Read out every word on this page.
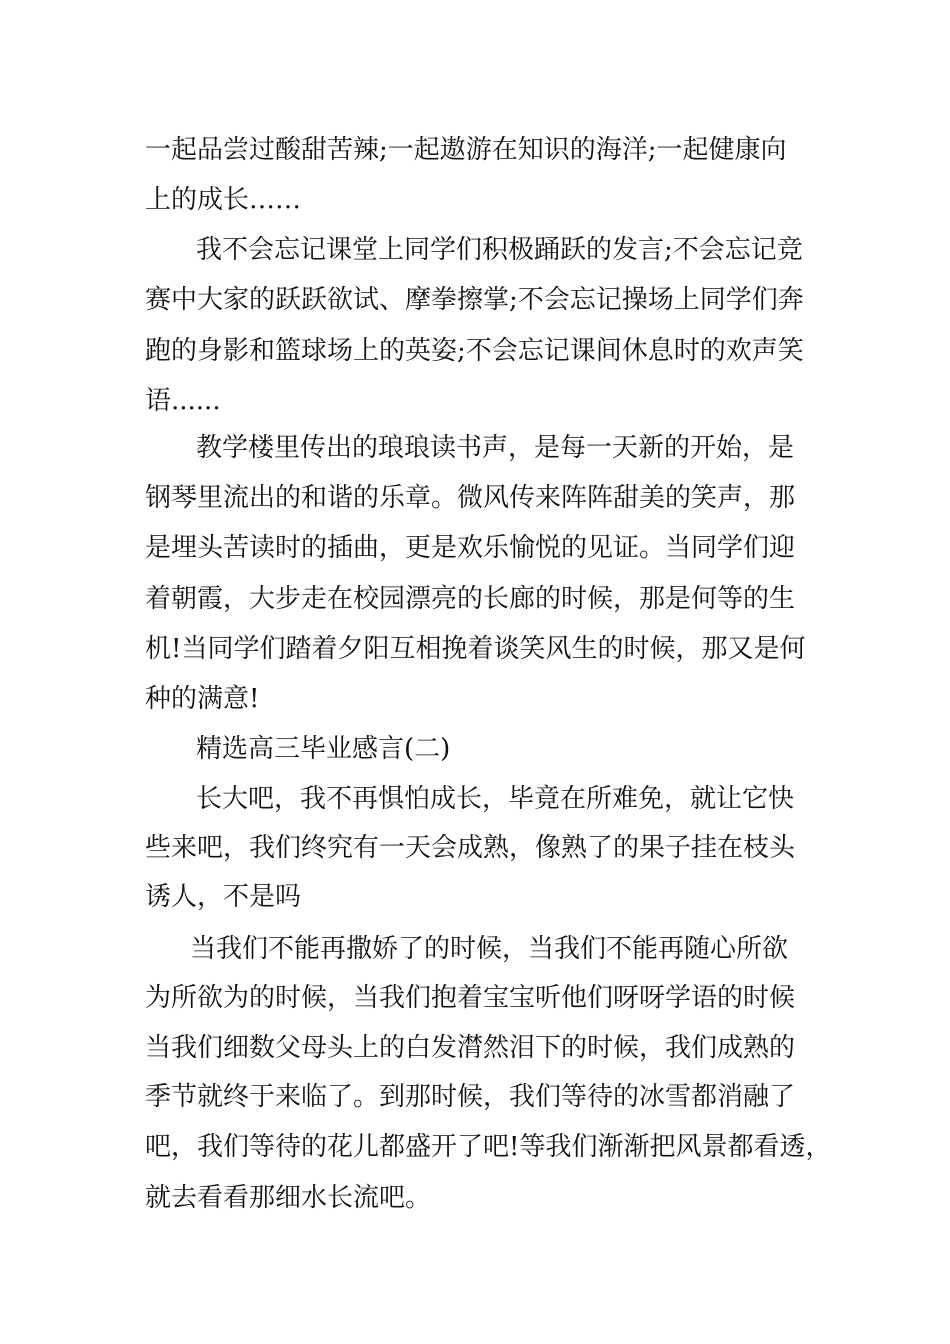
一起品尝过酸甜苦辣;一起遨游在知识的海洋;一起健康向

上的成长……

我不会忘记课堂上同学们积极踊跃的发言;不会忘记竞

赛中大家的跃跃欲试、摩拳擦掌;不会忘记操场上同学们奔

跑的身影和篮球场上的英姿;不会忘记课间休息时的欢声笑

语......

教学楼里传出的琅琅读书声，是每一天新的开始，是

钢琴里流出的和谐的乐章。微风传来阵阵甜美的笑声，那

是埋头苦读时的插曲，更是欢乐愉悦的见证。当同学们迎

着朝霞，大步走在校园漂亮的长廊的时候，那是何等的生

机!当同学们踏着夕阳互相挽着谈笑风生的时候，那又是何

种的满意!

精选高三毕业感言(二)

长大吧，我不再惧怕成长，毕竟在所难免，就让它快

些来吧，我们终究有一天会成熟，像熟了的果子挂在枝头

诱人，不是吗

当我们不能再撒娇了的时候，当我们不能再随心所欲

为所欲为的时候，当我们抱着宝宝听他们呀呀学语的时候

当我们细数父母头上的白发潸然泪下的时候，我们成熟的

季节就终于来临了。到那时候，我们等待的冰雪都消融了

吧，我们等待的花儿都盛开了吧!等我们渐渐把风景都看透，

就去看看那细水长流吧。
